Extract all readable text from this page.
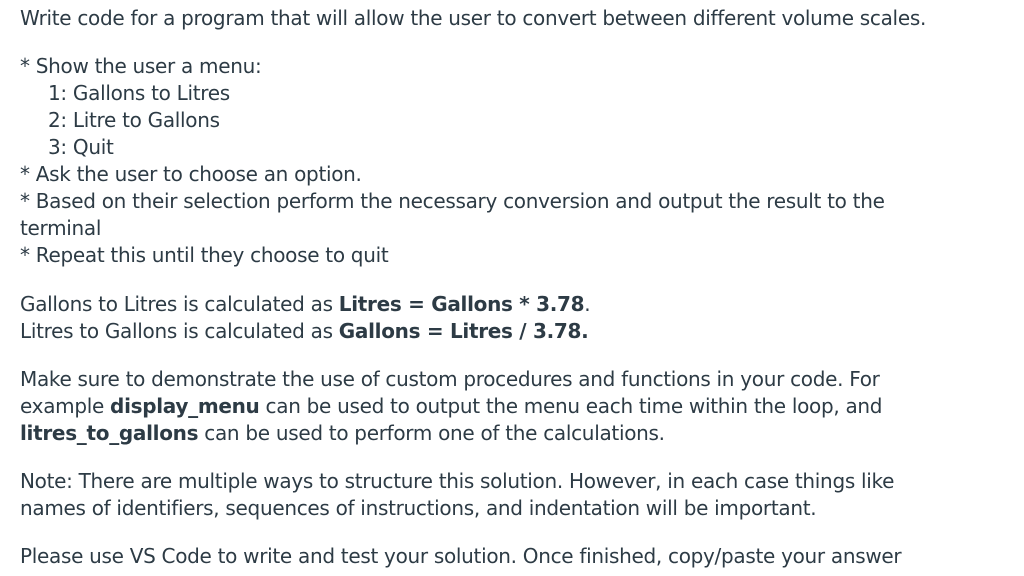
Write code for a program that will allow the user to convert between different volume scales.
* Show the user a menu:
1: Gallons to Litres
2: Litre to Gallons
3: Quit
* Ask the user to choose an option.
* Based on their selection perform the necessary conversion and output the result to the
terminal
* Repeat this until they choose to quit
Gallons to Litres is calculated as Litres = Gallons * 3.78.
Litres to Gallons is calculated as Gallons = Litres / 3.78.
Make sure to demonstrate the use of custom procedures and functions in your code. For
example display_menu can be used to output the menu each time within the loop, and
litres_to_gallons can be used to perform one of the calculations.
Note: There are multiple ways to structure this solution. However, in each case things like
names of identifiers, sequences of instructions, and indentation will be important.
Please use VS Code to write and test your solution. Once finished, copy/paste your answer
